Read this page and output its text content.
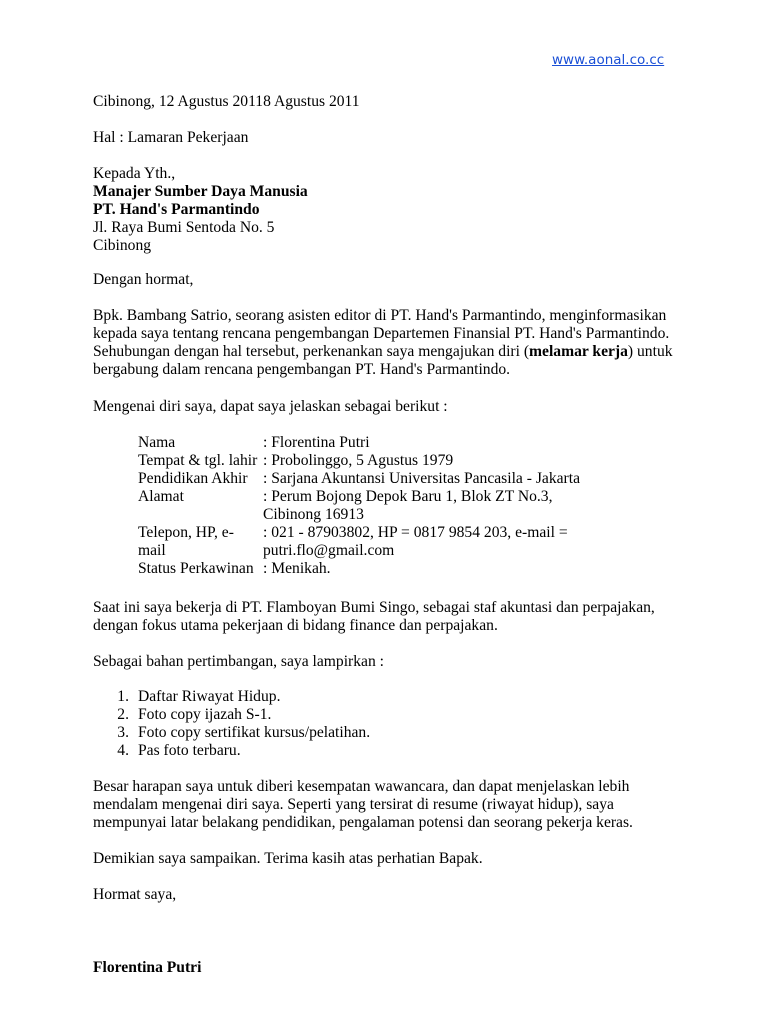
www.aonal.co.cc

Cibinong, 12 Agustus 20118 Agustus 2011

Hal : Lamaran Pekerjaan

Kepada Yth.,

Manajer Sumber Daya Manusia

PT. Hand's Parmantindo

Jl. Raya Bumi Sentoda No. 5

Cibinong

Dengan hormat,

Bpk. Bambang Satrio, seorang asisten editor di PT. Hand's Parmantindo, menginformasikan

kepada saya tentang rencana pengembangan Departemen Finansial PT. Hand's Parmantindo.

Sehubungan dengan hal tersebut, perkenankan saya mengajukan diri (melamar kerja) untuk

bergabung dalam rencana pengembangan PT. Hand's Parmantindo.

Mengenai diri saya, dapat saya jelaskan sebagai berikut :

Nama	: Florentina Putri
Tempat & tgl. lahir	: Probolinggo, 5 Agustus 1979
Pendidikan Akhir	: Sarjana Akuntansi Universitas Pancasila - Jakarta
Alamat	: Perum Bojong Depok Baru 1, Blok ZT No.3, Cibinong 16913
Telepon, HP, e-mail	: 021 - 87903802, HP = 0817 9854 203, e-mail = putri.flo@gmail.com
Status Perkawinan	: Menikah.

Saat ini saya bekerja di PT. Flamboyan Bumi Singo, sebagai staf akuntasi dan perpajakan,

dengan fokus utama pekerjaan di bidang finance dan perpajakan.

Sebagai bahan pertimbangan, saya lampirkan :

1. Daftar Riwayat Hidup.
2. Foto copy ijazah S-1.
3. Foto copy sertifikat kursus/pelatihan.
4. Pas foto terbaru.

Besar harapan saya untuk diberi kesempatan wawancara, dan dapat menjelaskan lebih

mendalam mengenai diri saya. Seperti yang tersirat di resume (riwayat hidup), saya

mempunyai latar belakang pendidikan, pengalaman potensi dan seorang pekerja keras.

Demikian saya sampaikan. Terima kasih atas perhatian Bapak.

Hormat saya,

Florentina Putri
